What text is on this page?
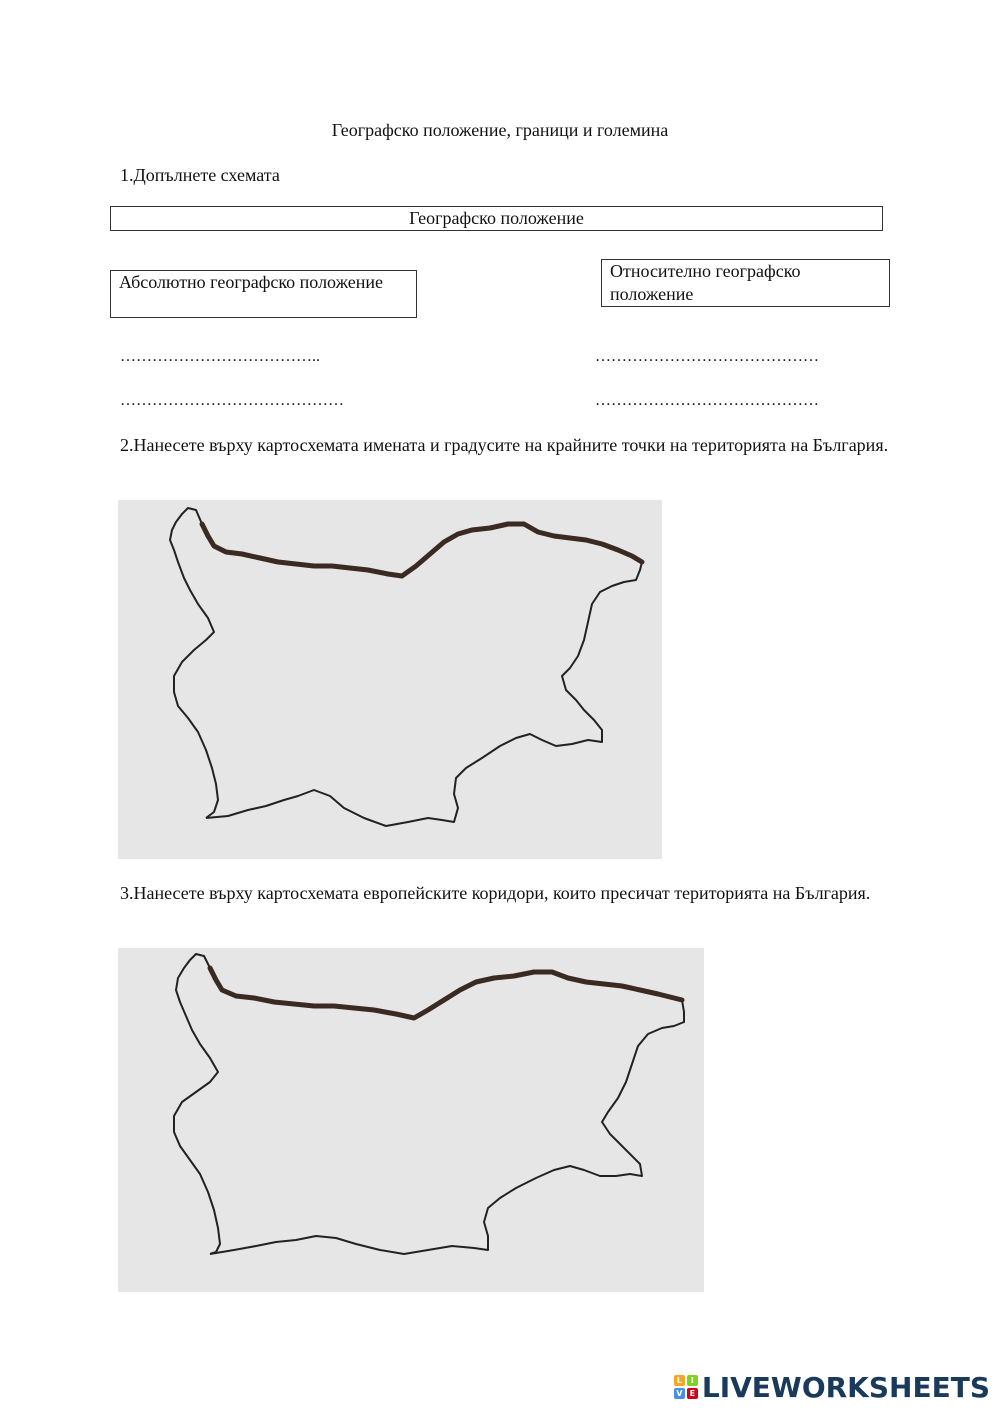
Географско положение, граници и големина
1.Допълнете схемата
Географско положение
Абсолютно географско положение
Относително географско положение
………………………………..	……………………………………
……………………………………	……………………………………
2.Нанесете върху картосхемата имената и градусите на крайните точки на територията на България.
3.Нанесете върху картосхемата европейските коридори, които пресичат територията на България.
L	I
V E LIVEWORKSHEETS
